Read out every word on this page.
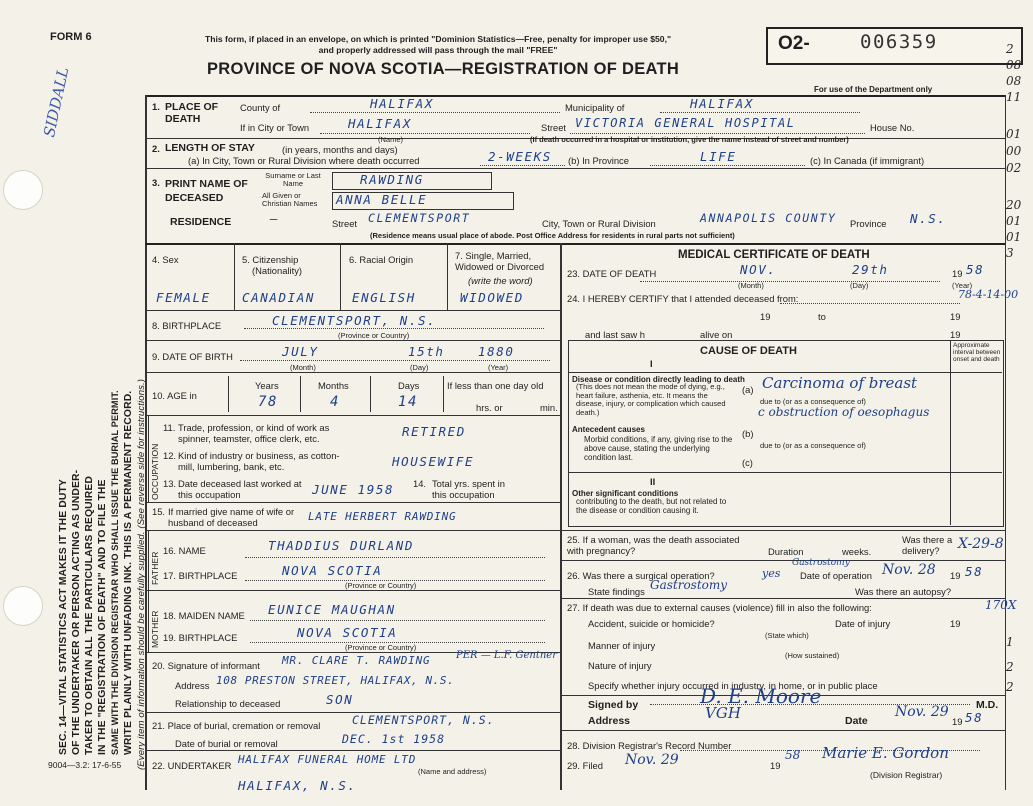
FORM 6
SIDDALL
SEC. 14—VITAL STATISTICS ACT MAKES IT THE DUTY OF THE UNDERTAKER OR PERSON ACTING AS UNDER- TAKER TO OBTAIN ALL THE PARTICULARS REQUIRED IN THE "REGISTRATION OF DEATH" AND TO FILE THE SAME WITH THE DIVISION REGISTRAR WHO SHALL ISSUE THE BURIAL PERMIT. WRITE PLAINLY WITH UNFADING INK. THIS IS A PERMANENT RECORD. (Every item of information should be carefully supplied. (See reverse side for instructions.)
This form, if placed in an envelope, on which is printed "Dominion Statistics—Free, penalty for improper use $50," and properly addressed will pass through the mail "FREE"
PROVINCE OF NOVA SCOTIA—REGISTRATION OF DEATH
O2-	006359
For use of the Department only
2
08
08
11
01
00
02
20
01
01
3
1
2
2
1. PLACE OF DEATH
County of	HALIFAX	Municipality of	HALIFAX
If in City or Town	HALIFAX
(Name)
Street VICTORIA GENERAL HOSPITAL	House No.
(If death occurred in a hospital or institution, give the name instead of street and number)
2. LENGTH OF STAY	(in years, months and days)
(a) In City, Town or Rural Division where death occurred	2-WEEKS (b) In Province	LIFE	(c) In Canada (if immigrant)
3. PRINT NAME OF DECEASED
Surname or Last Name	RAWDING
All Given or Christian Names	ANNA BELLE
RESIDENCE	—	Street CLEMENTSPORT	City, Town or Rural Division	ANNAPOLIS COUNTY Province N.S.
(Residence means usual place of abode. Post Office Address for residents in rural parts not sufficient)
4. Sex
FEMALE
5. Citizenship
(Nationality)
CANADIAN
6. Racial Origin
ENGLISH
7. Single, Married, Widowed or Divorced
(write the word)
WIDOWED
8. BIRTHPLACE	CLEMENTSPORT, N.S.
(Province or Country)
9. DATE OF BIRTH	JULY	15th	1880
(Month)	(Day)	(Year)
10. AGE in
Years	Months	Days
78	4	14
If less than one day old
hrs. or	min.
OCCUPATION
11. Trade, profession, or kind of work as spinner, teamster, office clerk, etc.	RETIRED
12. Kind of industry or business, as cotton-mill, lumbering, bank, etc.	HOUSEWIFE
13. Date deceased last worked at this occupation	JUNE 1958 14. Total yrs. spent in this occupation
15. If married give name of wife or husband of deceased	LATE HERBERT RAWDING
FATHER
16. NAME	THADDIUS DURLAND
17. BIRTHPLACE	NOVA SCOTIA
(Province or Country)
MOTHER 18. MAIDEN NAME EUNICE MAUGHAN
19. BIRTHPLACE	NOVA SCOTIA
(Province or Country)
20. Signature of informant MR. CLARE T. RAWDING	PER — L.F. Gentner
Address 108 PRESTON STREET, HALIFAX, N.S.
Relationship to deceased	SON
21. Place of burial, cremation or removal	CLEMENTSPORT, N.S.
Date of burial or removal	DEC. 1st 1958
22. UNDERTAKER HALIFAX FUNERAL HOME LTD
(Name and address)
HALIFAX, N.S.
9004—3.2: 17-6-55
MEDICAL CERTIFICATE OF DEATH
23. DATE OF DEATH	NOV.	29th	19 58
(Month)	(Day)	(Year)
24. I HEREBY CERTIFY that I attended deceased from:	78-4-14-00
19	to	19
and last saw h	alive on	19
CAUSE OF DEATH	Approximate interval between onset and death
I
Disease or condition directly leading to death
(This does not mean the mode of dying, e.g., heart failure, asthenia, etc. It means the disease, injury, or complication which caused death.)
(a) Carcinoma of breast
due to (or as a consequence of)
c obstruction of oesophagus
Antecedent causes
Morbid conditions, if any, giving rise to the above cause, stating the underlying condition last.
(b)
due to (or as a consequence of)
(c)
II
Other significant conditions
contributing to the death, but not related to the disease or condition causing it.
25. If a woman, was the death associated with pregnancy?	Duration	weeks.
Was there a delivery?	X-29-8
26. Was there a surgical operation?	yes
Gastrostomy
Date of operation Nov. 28 19 58
State findings Gastrostomy	Was there an autopsy?
27. If death was due to external causes (violence) fill in also the following:	170X
Accident, suicide or homicide?	Date of injury	19
(State which)
Manner of injury
(How sustained)
Nature of injury
Specify whether injury occurred in industry, in home, or in public place
Signed by	D. E. Moore	M.D.
Address	VGH	Date
Nov. 29
19 58
28. Division Registrar's Record Number
29. Filed Nov. 29	19
58 Marie E. Gordon
(Division Registrar)
